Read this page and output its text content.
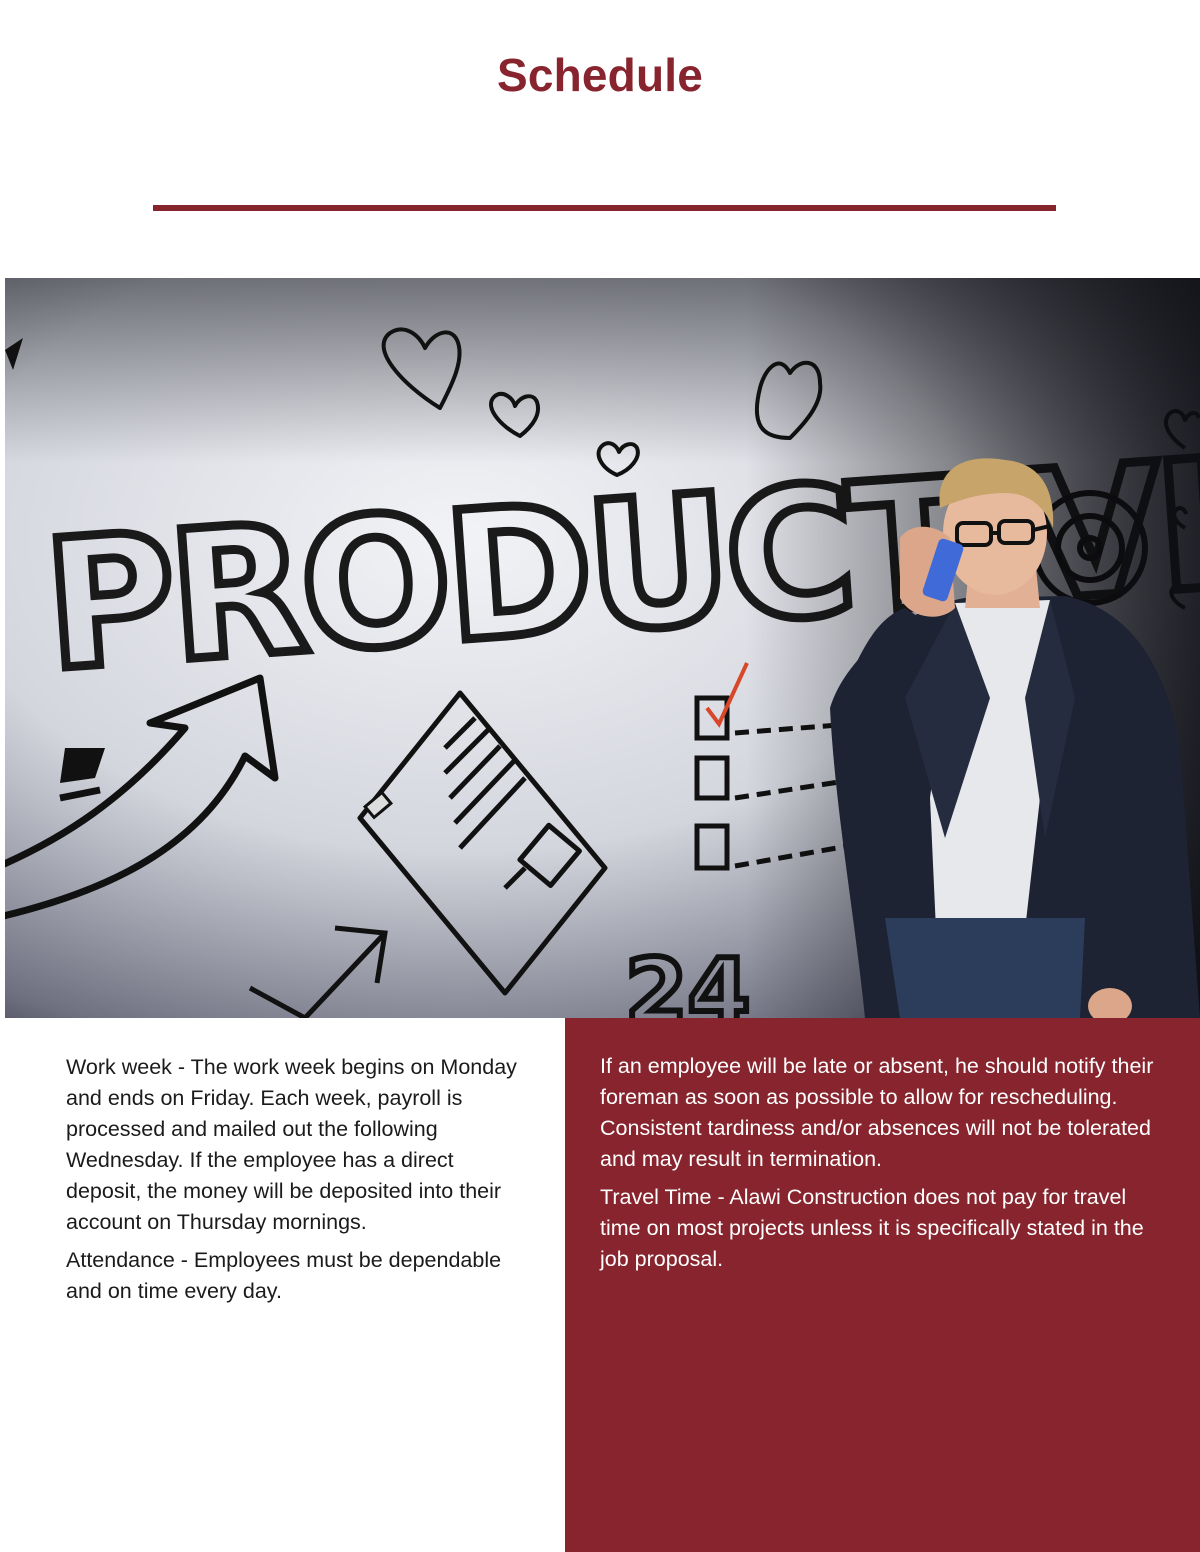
Schedule

Work week - The work week begins on Monday and ends on Friday. Each week, payroll is processed and mailed out the following Wednesday. If the employee has a direct deposit, the money will be deposited into their account on Thursday mornings.

Attendance - Employees must be dependable and on time every day.

If an employee will be late or absent, he should notify their foreman as soon as possible to allow for rescheduling. Consistent tardiness and/or absences will not be tolerated and may result in termination.

Travel Time - Alawi Construction does not pay for travel time on most projects unless it is specifically stated in the job proposal.
